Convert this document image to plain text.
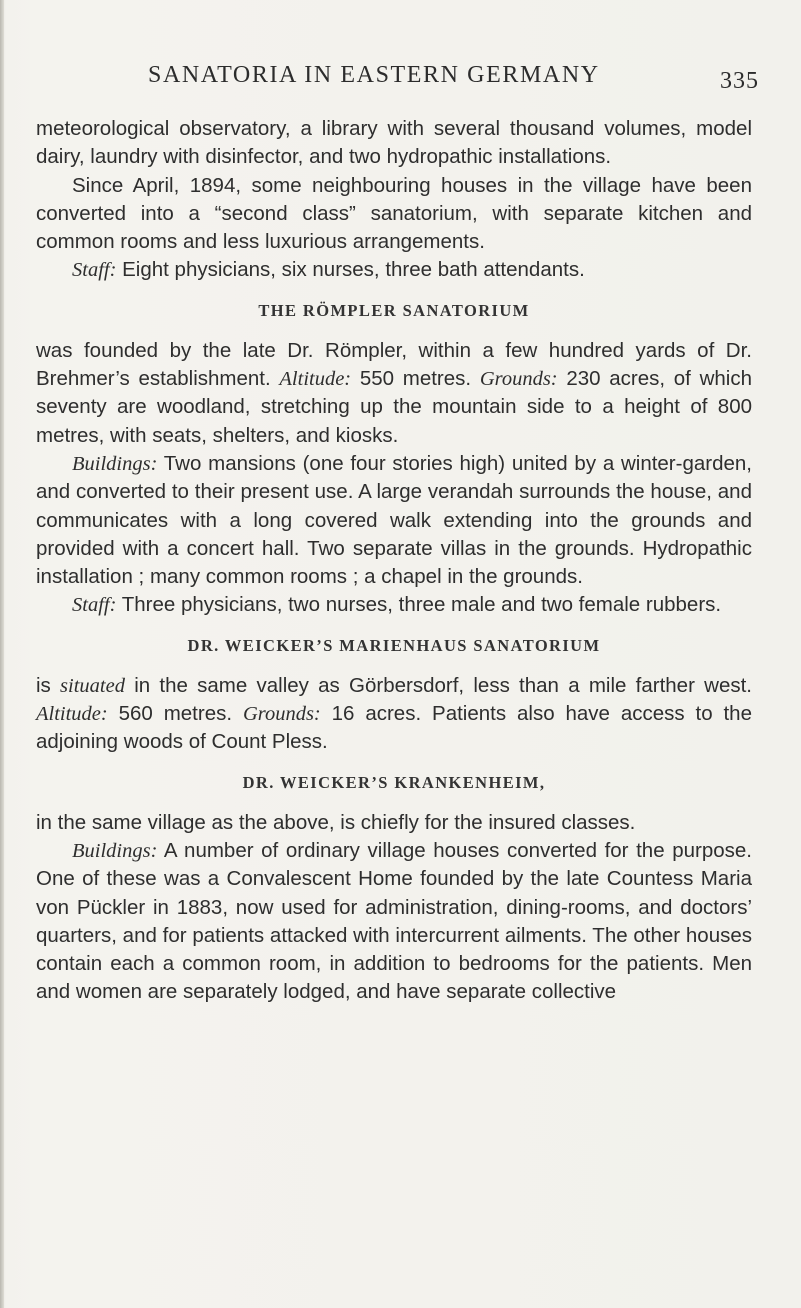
SANATORIA IN EASTERN GERMANY	335

meteorological observatory, a library with several thousand volumes, model dairy, laundry with disinfector, and two hydropathic installations.

Since April, 1894, some neighbouring houses in the village have been converted into a “second class” sanatorium, with separate kitchen and common rooms and less luxurious arrangements.

Staff: Eight physicians, six nurses, three bath attendants.

THE RÖMPLER SANATORIUM

was founded by the late Dr. Römpler, within a few hundred yards of Dr. Brehmer’s establishment. Altitude: 550 metres. Grounds: 230 acres, of which seventy are woodland, stretching up the mountain side to a height of 800 metres, with seats, shelters, and kiosks.

Buildings: Two mansions (one four stories high) united by a winter-garden, and converted to their present use. A large verandah surrounds the house, and communicates with a long covered walk extending into the grounds and provided with a concert hall. Two separate villas in the grounds. Hydropathic installation ; many common rooms ; a chapel in the grounds.

Staff: Three physicians, two nurses, three male and two female rubbers.

DR. WEICKER’S MARIENHAUS SANATORIUM

is situated in the same valley as Görbersdorf, less than a mile farther west. Altitude: 560 metres. Grounds: 16 acres. Patients also have access to the adjoining woods of Count Pless.

DR. WEICKER’S KRANKENHEIM,

in the same village as the above, is chiefly for the insured classes.

Buildings: A number of ordinary village houses converted for the purpose. One of these was a Convalescent Home founded by the late Countess Maria von Pückler in 1883, now used for administration, dining-rooms, and doctors’ quarters, and for patients attacked with intercurrent ailments. The other houses contain each a common room, in addition to bedrooms for the patients. Men and women are separately lodged, and have separate collective
